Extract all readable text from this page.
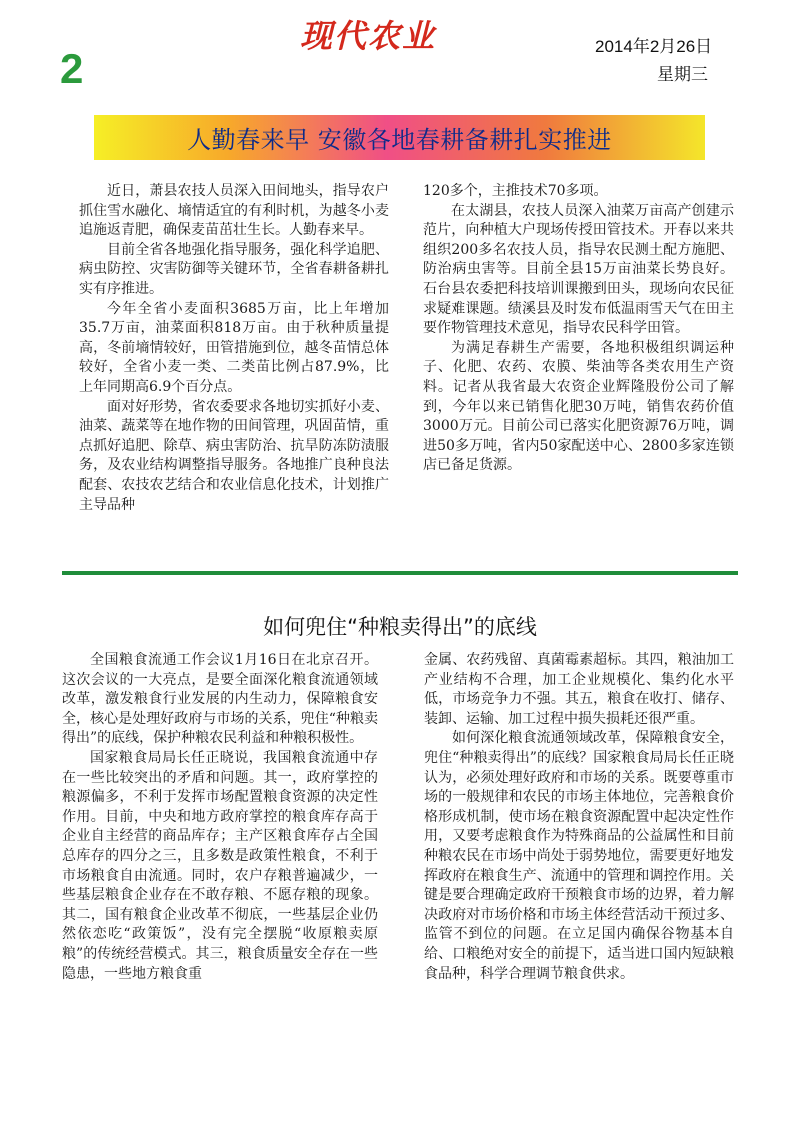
2
现代农业	2014年2月26日
星期三
人勤春来早 安徽各地春耕备耕扎实推进

近日，萧县农技人员深入田间地头，指导农户抓住雪水融化、墒情适宜的有利时机，为越冬小麦追施返青肥，确保麦苗茁壮生长。人勤春来早。

目前全省各地强化指导服务，强化科学追肥、病虫防控、灾害防御等关键环节，全省春耕备耕扎实有序推进。

今年全省小麦面积3685万亩，比上年增加35.7万亩，油菜面积818万亩。由于秋种质量提高，冬前墒情较好，田管措施到位，越冬苗情总体较好，全省小麦一类、二类苗比例占87.9%，比上年同期高6.9个百分点。

面对好形势，省农委要求各地切实抓好小麦、油菜、蔬菜等在地作物的田间管理，巩固苗情，重点抓好追肥、除草、病虫害防治、抗旱防冻防渍服务，及农业结构调整指导服务。各地推广良种良法配套、农技农艺结合和农业信息化技术，计划推广主导品种

120多个，主推技术70多项。

在太湖县，农技人员深入油菜万亩高产创建示范片，向种植大户现场传授田管技术。开春以来共组织200多名农技人员，指导农民测土配方施肥、防治病虫害等。目前全县15万亩油菜长势良好。石台县农委把科技培训课搬到田头，现场向农民征求疑难课题。绩溪县及时发布低温雨雪天气在田主要作物管理技术意见，指导农民科学田管。

为满足春耕生产需要，各地积极组织调运种子、化肥、农药、农膜、柴油等各类农用生产资料。记者从我省最大农资企业辉隆股份公司了解到，今年以来已销售化肥30万吨，销售农药价值3000万元。目前公司已落实化肥资源76万吨，调进50多万吨，省内50家配送中心、2800多家连锁店已备足货源。

如何兜住“种粮卖得出”的底线

全国粮食流通工作会议1月16日在北京召开。这次会议的一大亮点，是要全面深化粮食流通领域改革，激发粮食行业发展的内生动力，保障粮食安全，核心是处理好政府与市场的关系，兜住“种粮卖得出”的底线，保护种粮农民利益和种粮积极性。

国家粮食局局长任正晓说，我国粮食流通中存在一些比较突出的矛盾和问题。其一，政府掌控的粮源偏多，不利于发挥市场配置粮食资源的决定性作用。目前，中央和地方政府掌控的粮食库存高于企业自主经营的商品库存；主产区粮食库存占全国总库存的四分之三，且多数是政策性粮食，不利于市场粮食自由流通。同时，农户存粮普遍减少，一些基层粮食企业存在不敢存粮、不愿存粮的现象。其二，国有粮食企业改革不彻底，一些基层企业仍然依恋吃“政策饭”，没有完全摆脱“收原粮卖原粮”的传统经营模式。其三，粮食质量安全存在一些隐患，一些地方粮食重

金属、农药残留、真菌霉素超标。其四，粮油加工产业结构不合理，加工企业规模化、集约化水平低，市场竞争力不强。其五，粮食在收打、储存、装卸、运输、加工过程中损失损耗还很严重。

如何深化粮食流通领域改革，保障粮食安全，兜住“种粮卖得出”的底线？国家粮食局局长任正晓认为，必须处理好政府和市场的关系。既要尊重市场的一般规律和农民的市场主体地位，完善粮食价格形成机制，使市场在粮食资源配置中起决定性作用，又要考虑粮食作为特殊商品的公益属性和目前种粮农民在市场中尚处于弱势地位，需要更好地发挥政府在粮食生产、流通中的管理和调控作用。关键是要合理确定政府干预粮食市场的边界，着力解决政府对市场价格和市场主体经营活动干预过多、监管不到位的问题。在立足国内确保谷物基本自给、口粮绝对安全的前提下，适当进口国内短缺粮食品种，科学合理调节粮食供求。
